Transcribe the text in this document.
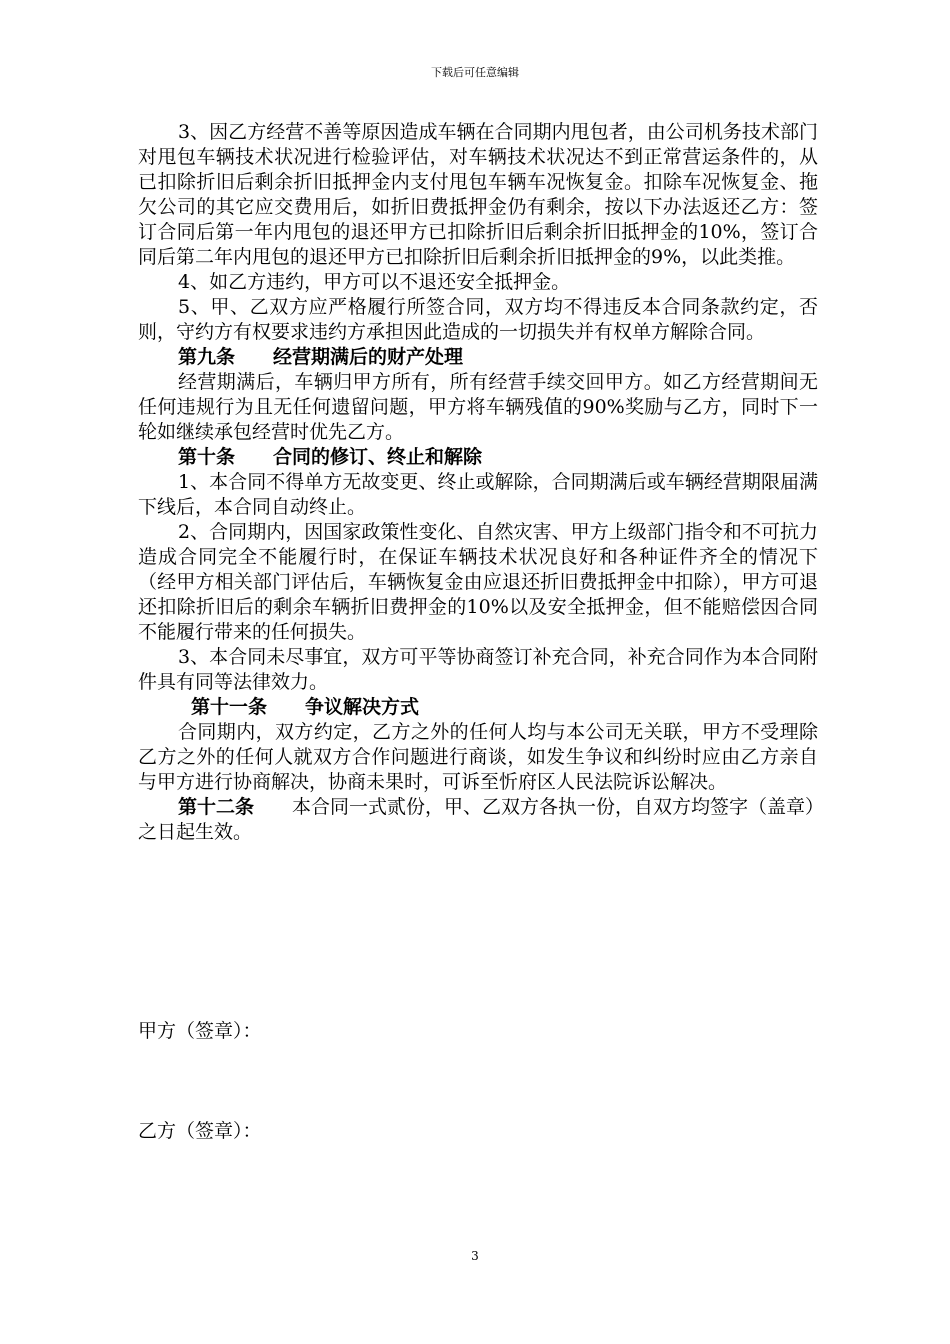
下载后可任意编辑

3、因乙方经营不善等原因造成车辆在合同期内甩包者，由公司机务技术部门对甩包车辆技术状况进行检验评估，对车辆技术状况达不到正常营运条件的，从已扣除折旧后剩余折旧抵押金内支付甩包车辆车况恢复金。扣除车况恢复金、拖欠公司的其它应交费用后，如折旧费抵押金仍有剩余，按以下办法返还乙方：签订合同后第一年内甩包的退还甲方已扣除折旧后剩余折旧抵押金的10%，签订合同后第二年内甩包的退还甲方已扣除折旧后剩余折旧抵押金的9%，以此类推。

4、如乙方违约，甲方可以不退还安全抵押金。

5、甲、乙双方应严格履行所签合同，双方均不得违反本合同条款约定，否则，守约方有权要求违约方承担因此造成的一切损失并有权单方解除合同。

第九条　　经营期满后的财产处理

经营期满后，车辆归甲方所有，所有经营手续交回甲方。如乙方经营期间无任何违规行为且无任何遗留问题，甲方将车辆残值的90%奖励与乙方，同时下一轮如继续承包经营时优先乙方。

第十条　　合同的修订、终止和解除

1、本合同不得单方无故变更、终止或解除，合同期满后或车辆经营期限届满下线后，本合同自动终止。

2、合同期内，因国家政策性变化、自然灾害、甲方上级部门指令和不可抗力造成合同完全不能履行时，在保证车辆技术状况良好和各种证件齐全的情况下（经甲方相关部门评估后，车辆恢复金由应退还折旧费抵押金中扣除），甲方可退还扣除折旧后的剩余车辆折旧费押金的10%以及安全抵押金，但不能赔偿因合同不能履行带来的任何损失。

3、本合同未尽事宜，双方可平等协商签订补充合同，补充合同作为本合同附件具有同等法律效力。

第十一条　　争议解决方式

合同期内，双方约定，乙方之外的任何人均与本公司无关联，甲方不受理除乙方之外的任何人就双方合作问题进行商谈，如发生争议和纠纷时应由乙方亲自与甲方进行协商解决，协商未果时，可诉至忻府区人民法院诉讼解决。

第十二条　　本合同一式贰份，甲、乙双方各执一份，自双方均签字（盖章）之日起生效。

甲方（签章）：

乙方（签章）：

3
